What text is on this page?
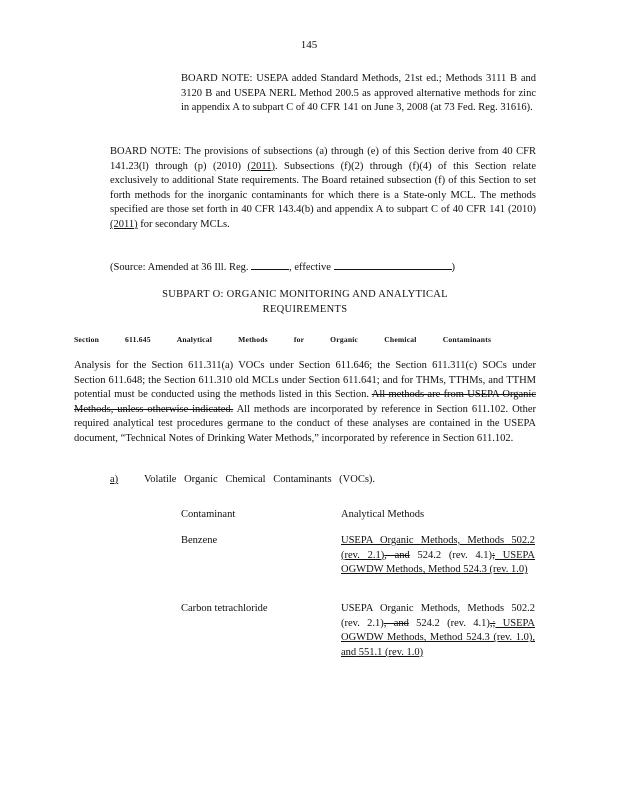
145
BOARD NOTE: USEPA added Standard Methods, 21st ed.; Methods 3111 B and 3120 B and USEPA NERL Method 200.5 as approved alternative methods for zinc in appendix A to subpart C of 40 CFR 141 on June 3, 2008 (at 73 Fed. Reg. 31616).
BOARD NOTE: The provisions of subsections (a) through (e) of this Section derive from 40 CFR 141.23(l) through (p) (2010) (2011). Subsections (f)(2) through (f)(4) of this Section relate exclusively to additional State requirements. The Board retained subsection (f) of this Section to set forth methods for the inorganic contaminants for which there is a State-only MCL. The methods specified are those set forth in 40 CFR 143.4(b) and appendix A to subpart C of 40 CFR 141 (2010) (2011) for secondary MCLs.
(Source: Amended at 36 Ill. Reg.	, effective	)
SUBPART O: ORGANIC MONITORING AND ANALYTICAL
REQUIREMENTS
Section	611.645	Analytical Methods for Organic Chemical Contaminants
Analysis for the Section 611.311(a) VOCs under Section 611.646; the Section 611.311(c) SOCs under Section 611.648; the Section 611.310 old MCLs under Section 611.641; and for THMs, TTHMs, and TTHM potential must be conducted using the methods listed in this Section. All methods are from USEPA Organic Methods, unless otherwise indicated. All methods are incorporated by reference in Section 611.102. Other required analytical test procedures germane to the conduct of these analyses are contained in the USEPA document, “Technical Notes of Drinking Water Methods,” incorporated by reference in Section 611.102.
a) Volatile Organic Chemical Contaminants (VOCs).
Contaminant	Analytical Methods
Benzene	USEPA Organic Methods, Methods 502.2 (rev. 2.1), and 524.2 (rev. 4.1); USEPA OGWDW Methods, Method 524.3 (rev. 1.0)
Carbon tetrachloride	USEPA Organic Methods, Methods 502.2 (rev. 2.1), and 524.2 (rev. 4.1),; USEPA OGWDW Methods, Method 524.3 (rev. 1.0), and 551.1 (rev. 1.0)
